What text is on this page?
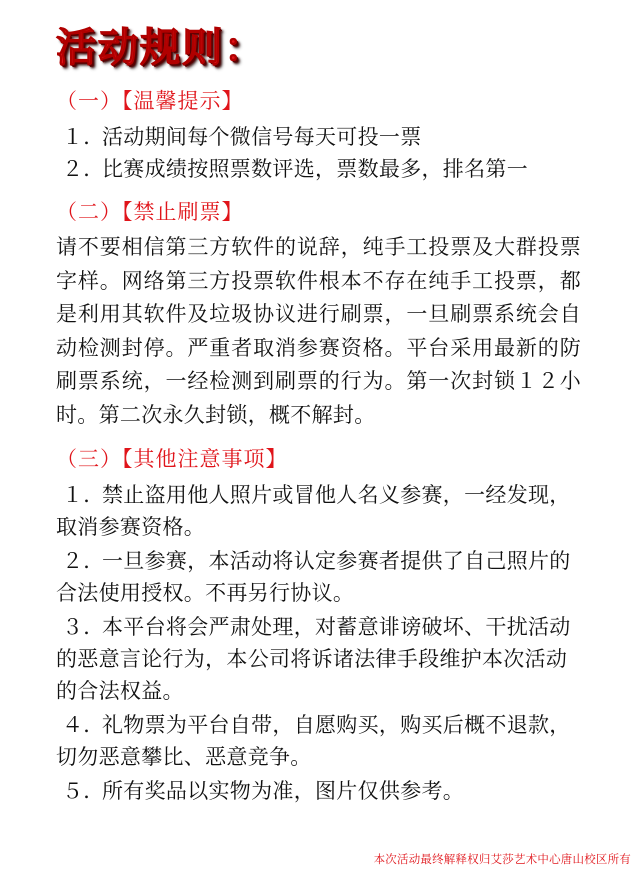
活动规则：
（一）【温馨提示】
１．活动期间每个微信号每天可投一票
２．比赛成绩按照票数评选，票数最多，排名第一
（二）【禁止刷票】

请不要相信第三方软件的说辞，纯手工投票及大群投票字样。网络第三方投票软件根本不存在纯手工投票，都是利用其软件及垃圾协议进行刷票，一旦刷票系统会自动检测封停。严重者取消参赛资格。平台采用最新的防刷票系统，一经检测到刷票的行为。第一次封锁１２小时。第二次永久封锁，概不解封。

（三）【其他注意事项】
１．禁止盗用他人照片或冒他人名义参赛，一经发现，取消参赛资格。
２．一旦参赛，本活动将认定参赛者提供了自己照片的合法使用授权。不再另行协议。
３．本平台将会严肃处理，对蓄意诽谤破坏、干扰活动的恶意言论行为，本公司将诉诸法律手段维护本次活动的合法权益。
４．礼物票为平台自带，自愿购买，购买后概不退款，切勿恶意攀比、恶意竞争。
５．所有奖品以实物为准，图片仅供参考。
本次活动最终解释权归艾莎艺术中心唐山校区所有
